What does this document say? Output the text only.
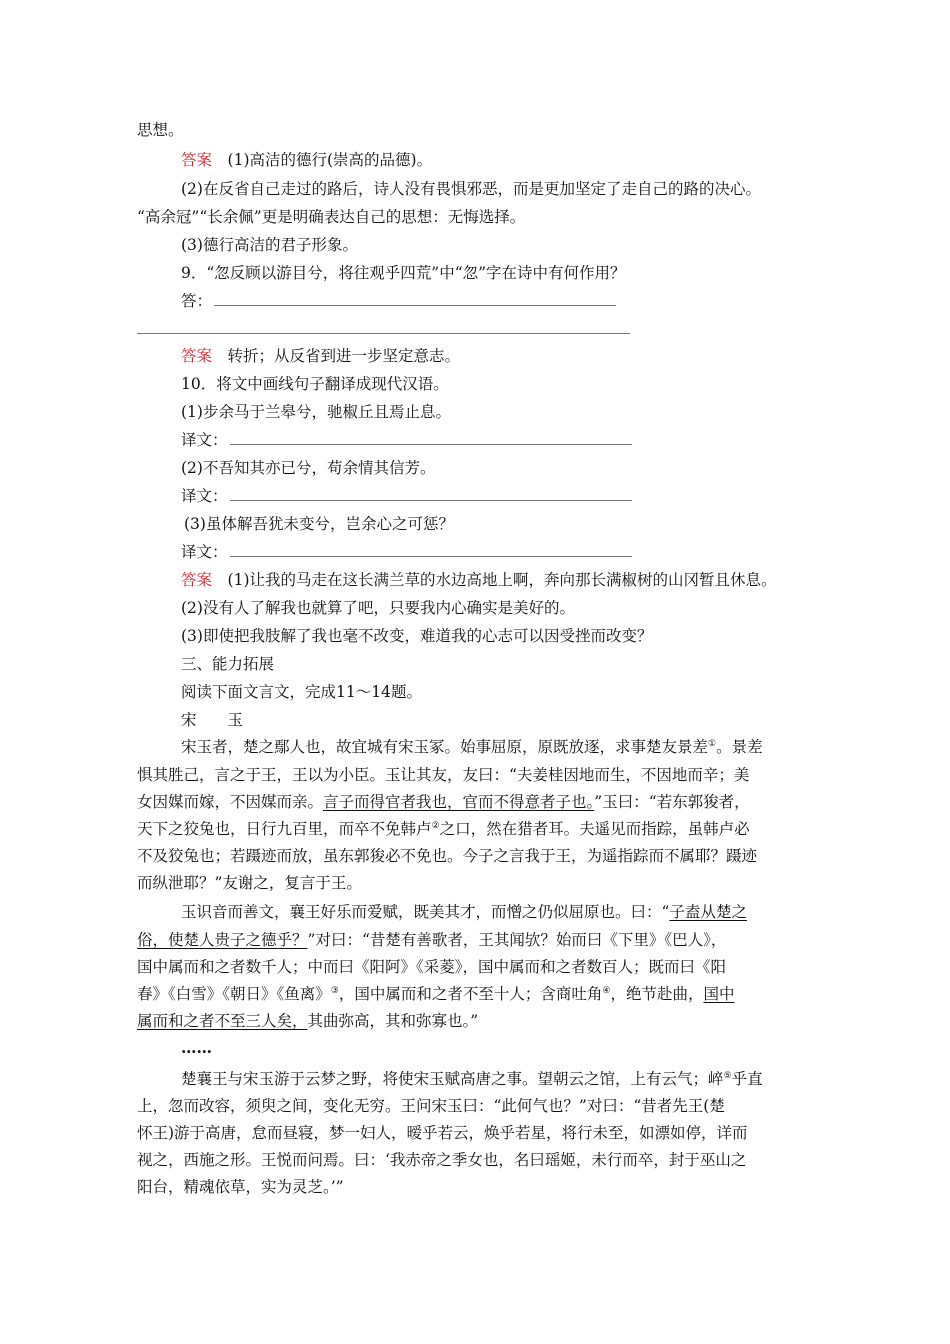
思想。
答案　 (1)高洁的德行(崇高的品德)。
(2)在反省自己走过的路后，诗人没有畏惧邪恶，而是更加坚定了走自己的路的决心。
“高余冠”“长余佩”更是明确表达自己的思想：无悔选择。
(3)德行高洁的君子形象。
9．“忽反顾以游目兮，将往观乎四荒”中“忽”字在诗中有何作用？
答：
答案　 转折；从反省到进一步坚定意志。
10．将文中画线句子翻译成现代汉语。
(1)步余马于兰皋兮，驰椒丘且焉止息。
译文：
(2)不吾知其亦已兮，苟余情其信芳。
译文：
(3)虽体解吾犹未变兮，岂余心之可惩？
译文：
答案　 (1)让我的马走在这长满兰草的水边高地上啊，奔向那长满椒树的山冈暂且休息。
(2)没有人了解我也就算了吧，只要我内心确实是美好的。
(3)即使把我肢解了我也毫不改变，难道我的心志可以因受挫而改变？
三、能力拓展
阅读下面文言文，完成11～14题。
宋　　玉
宋玉者，楚之鄢人也，故宜城有宋玉冢。始事屈原，原既放逐，求事楚友景差①。景差
惧其胜己，言之于王，王以为小臣。玉让其友，友曰：“夫姜桂因地而生，不因地而辛；美
女因媒而嫁，不因媒而亲。言子而得官者我也，官而不得意者子也。”玉曰：“若东郭狻者，
天下之狡兔也，日行九百里，而卒不免韩卢②之口，然在猎者耳。夫遥见而指踪，虽韩卢必
不及狡兔也；若蹑迹而放，虽东郭狻必不免也。今子之言我于王，为遥指踪而不属耶？蹑迹
而纵泄耶？”友谢之，复言于王。
玉识音而善文，襄王好乐而爱赋，既美其才，而憎之仍似屈原也。曰：“子盍从楚之
俗，使楚人贵子之德乎？”对曰：“昔楚有善歌者，王其闻欤？始而曰《下里》《巴人》，
国中属而和之者数千人；中而曰《阳阿》《采菱》，国中属而和之者数百人；既而曰《阳
春》《白雪》《朝日》《鱼离》③，国中属而和之者不至十人；含商吐角④，绝节赴曲，国中
属而和之者不至三人矣，其曲弥高，其和弥寡也。”
……
楚襄王与宋玉游于云梦之野，将使宋玉赋高唐之事。望朝云之馆，上有云气；崪⑤乎直
上，忽而改容，须臾之间，变化无穷。王问宋玉曰：“此何气也？”对曰：“昔者先王(楚
怀王)游于高唐，怠而昼寝，梦一妇人，暧乎若云，焕乎若星，将行未至，如漂如停，详而
视之，西施之形。王悦而问焉。曰：‘我赤帝之季女也，名曰瑶姬，未行而卒，封于巫山之
阳台，精魂依草，实为灵芝。’”
